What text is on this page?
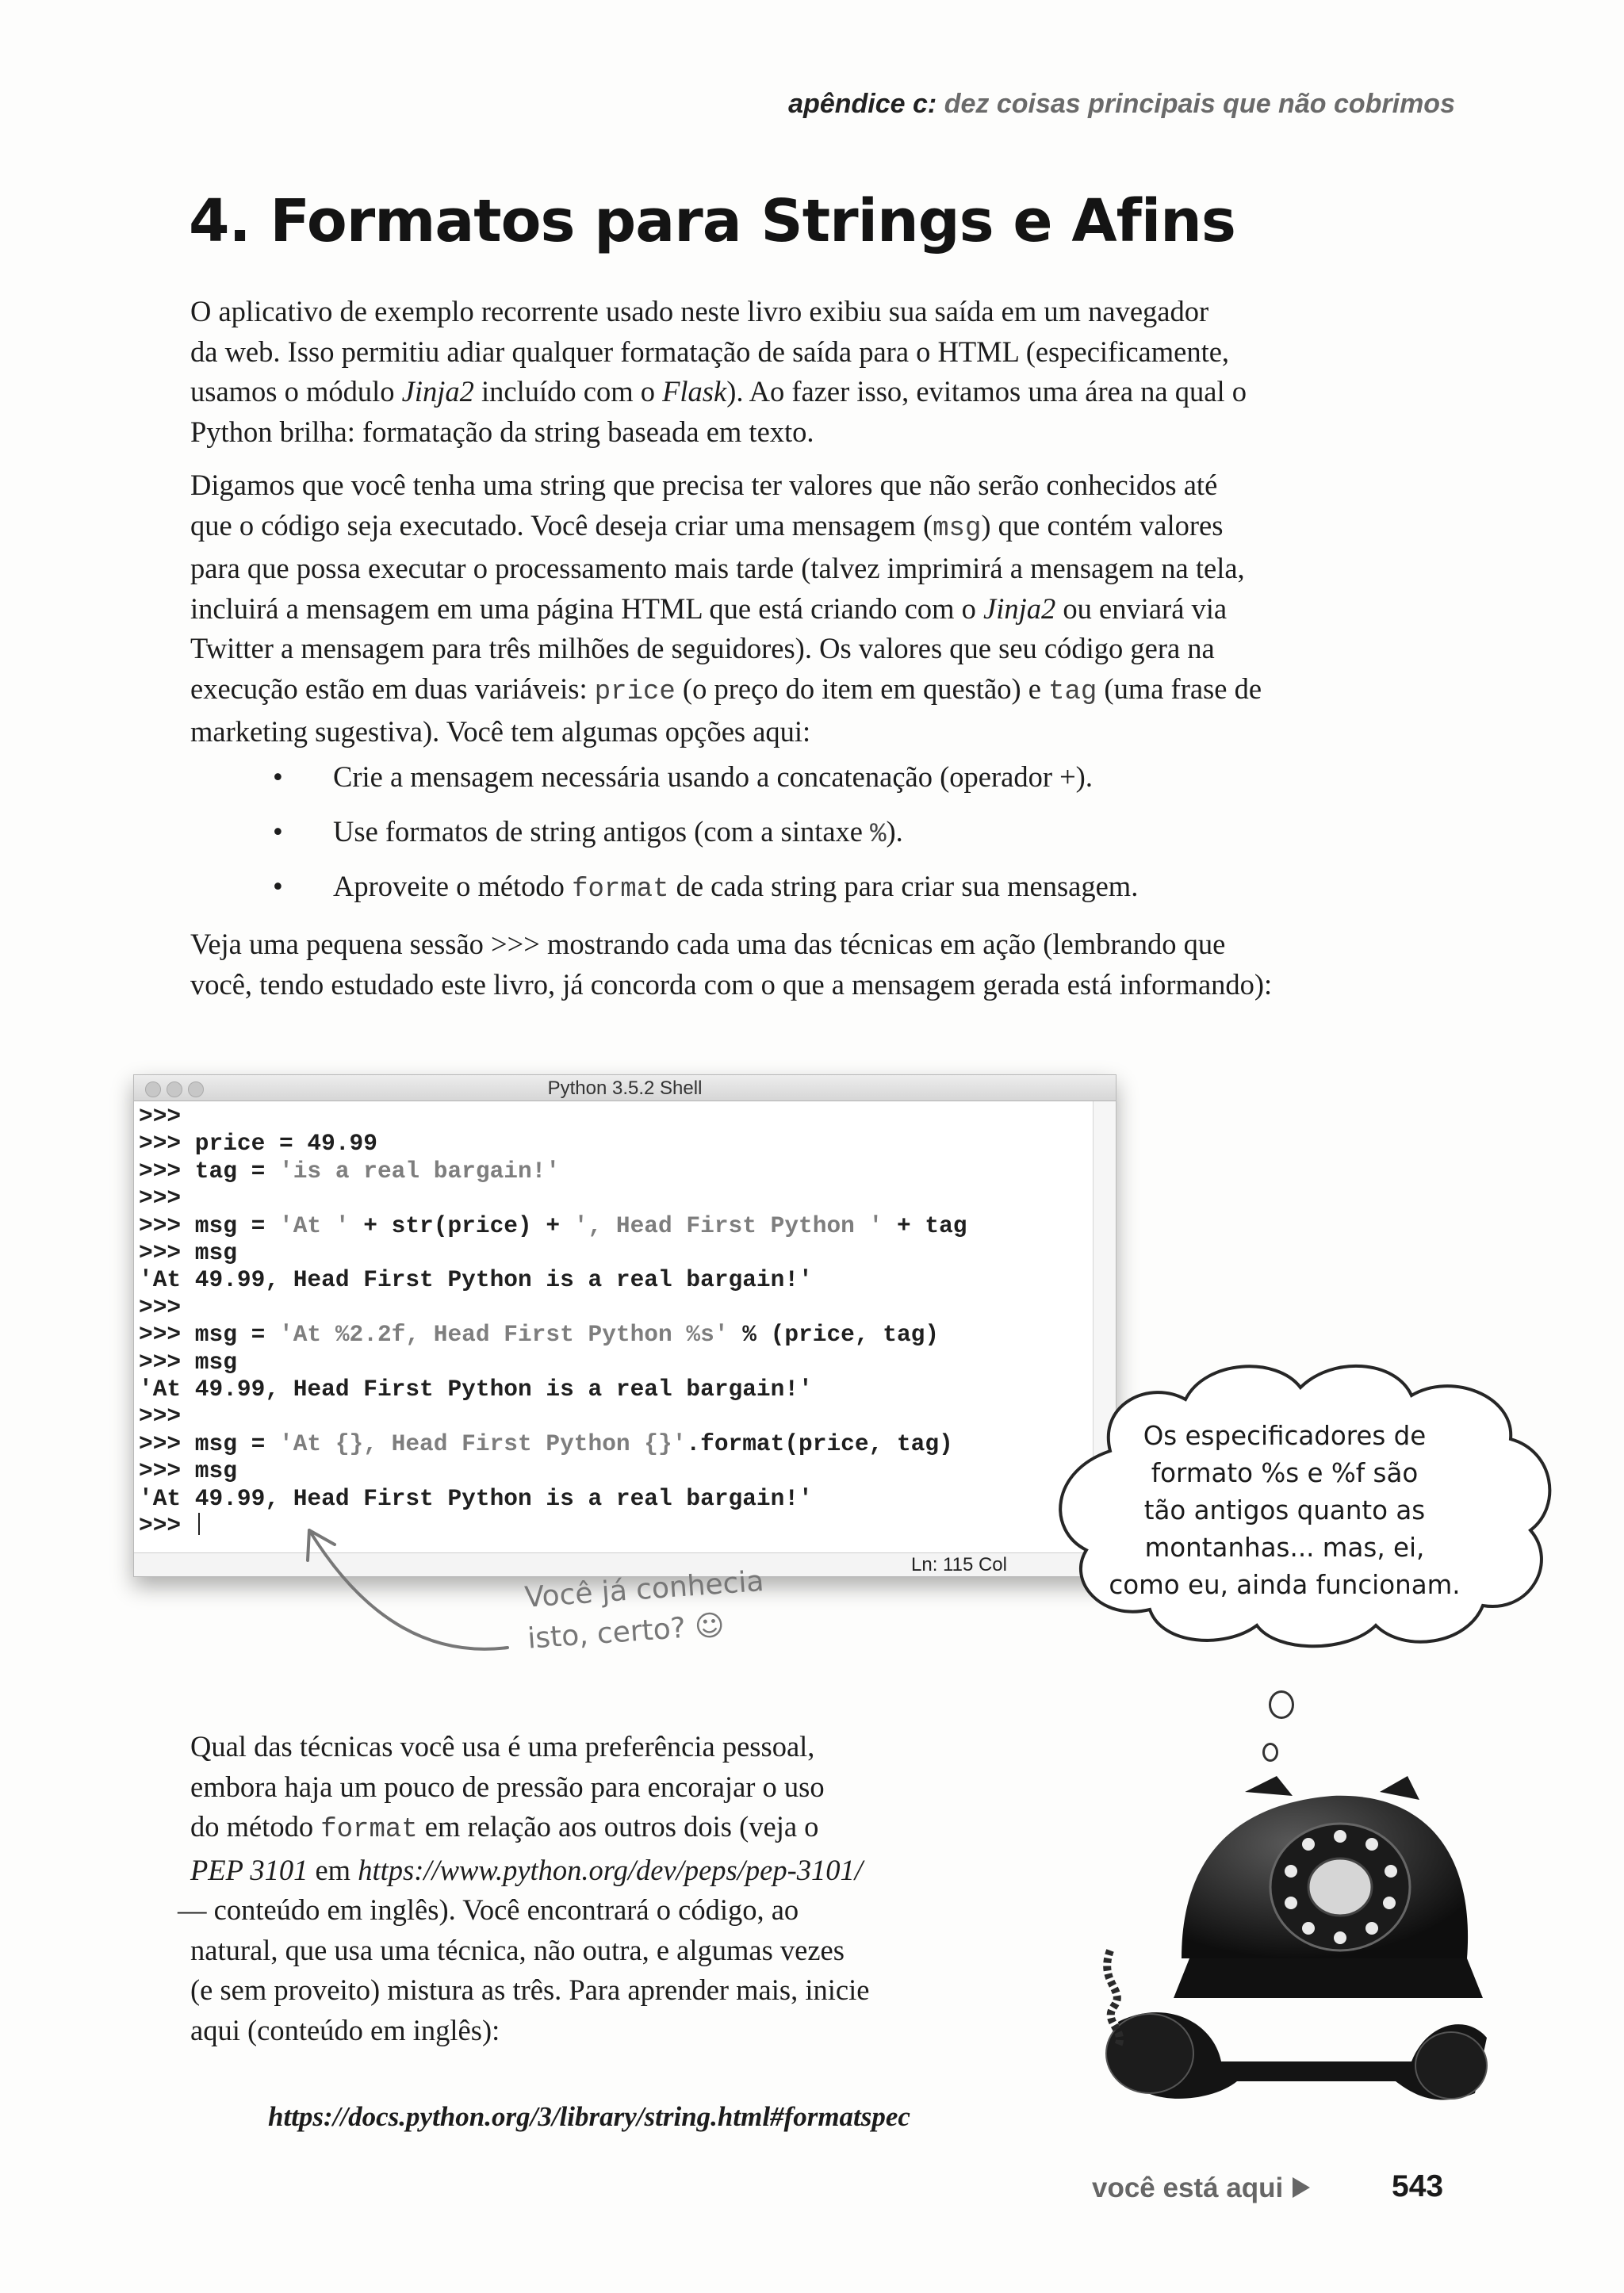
apêndice c: dez coisas principais que não cobrimos
4. Formatos para Strings e Afins

O aplicativo de exemplo recorrente usado neste livro exibiu sua saída em um navegador
da web. Isso permitiu adiar qualquer formatação de saída para o HTML (especificamente,
usamos o módulo Jinja2 incluído com o Flask). Ao fazer isso, evitamos uma área na qual o
Python brilha: formatação da string baseada em texto.

Digamos que você tenha uma string que precisa ter valores que não serão conhecidos até
que o código seja executado. Você deseja criar uma mensagem (msg) que contém valores
para que possa executar o processamento mais tarde (talvez imprimirá a mensagem na tela,
incluirá a mensagem em uma página HTML que está criando com o Jinja2 ou enviará via
Twitter a mensagem para três milhões de seguidores). Os valores que seu código gera na
execução estão em duas variáveis: price (o preço do item em questão) e tag (uma frase de
marketing sugestiva). Você tem algumas opções aqui:

• Crie a mensagem necessária usando a concatenação (operador +).
• Use formatos de string antigos (com a sintaxe %).
• Aproveite o método format de cada string para criar sua mensagem.

Veja uma pequena sessão >>> mostrando cada uma das técnicas em ação (lembrando que
você, tendo estudado este livro, já concorda com o que a mensagem gerada está informando):

Python 3.5.2 Shell
>>>
>>> price = 49.99
>>> tag = 'is a real bargain!'
>>>
>>> msg = 'At ' + str(price) + ', Head First Python ' + tag
>>> msg
'At 49.99, Head First Python is a real bargain!'
>>>
>>> msg = 'At %2.2f, Head First Python %s' % (price, tag)
>>> msg
'At 49.99, Head First Python is a real bargain!'
>>>
>>> msg = 'At {}, Head First Python {}'.format(price, tag)
>>> msg
'At 49.99, Head First Python is a real bargain!'
>>>
Ln: 115 Col
Você já conhecia
isto, certo? ☺
Os especificadores de
formato %s e %f são
tão antigos quanto as
montanhas... mas, ei,
como eu, ainda funcionam.
Qual das técnicas você usa é uma preferência pessoal,
embora haja um pouco de pressão para encorajar o uso
do método format em relação aos outros dois (veja o
PEP 3101 em https://www.python.org/dev/peps/pep-3101/
— conteúdo em inglês). Você encontrará o código, ao
natural, que usa uma técnica, não outra, e algumas vezes
(e sem proveito) mistura as três. Para aprender mais, inicie
aqui (conteúdo em inglês):
https://docs.python.org/3/library/string.html#formatspec
você está aqui	543
